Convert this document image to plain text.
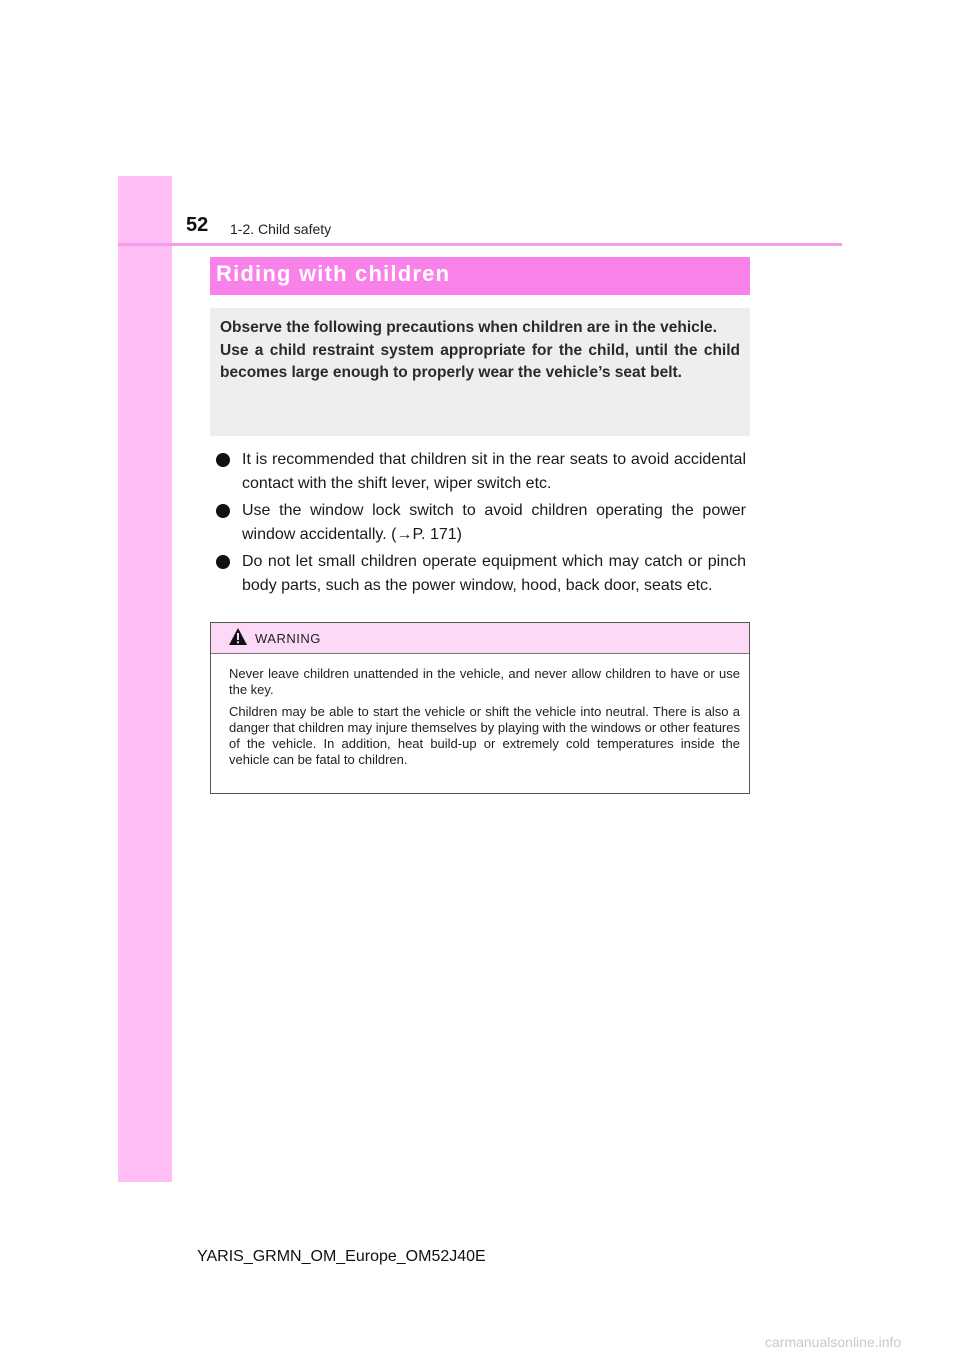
52 1-2. Child safety
Riding with children

Observe the following precautions when children are in the vehicle.

Use a child restraint system appropriate for the child, until the child becomes large enough to properly wear the vehicle’s seat belt.

It is recommended that children sit in the rear seats to avoid accidental contact with the shift lever, wiper switch etc.
Use the window lock switch to avoid children operating the power window accidentally. (→P. 171)
Do not let small children operate equipment which may catch or pinch body parts, such as the power window, hood, back door, seats etc.
WARNING

Never leave children unattended in the vehicle, and never allow children to have or use the key.

Children may be able to start the vehicle or shift the vehicle into neutral. There is also a danger that children may injure themselves by playing with the windows or other features of the vehicle. In addition, heat build-up or extremely cold temperatures inside the vehicle can be fatal to children.

YARIS_GRMN_OM_Europe_OM52J40E
carmanualsonline.info
